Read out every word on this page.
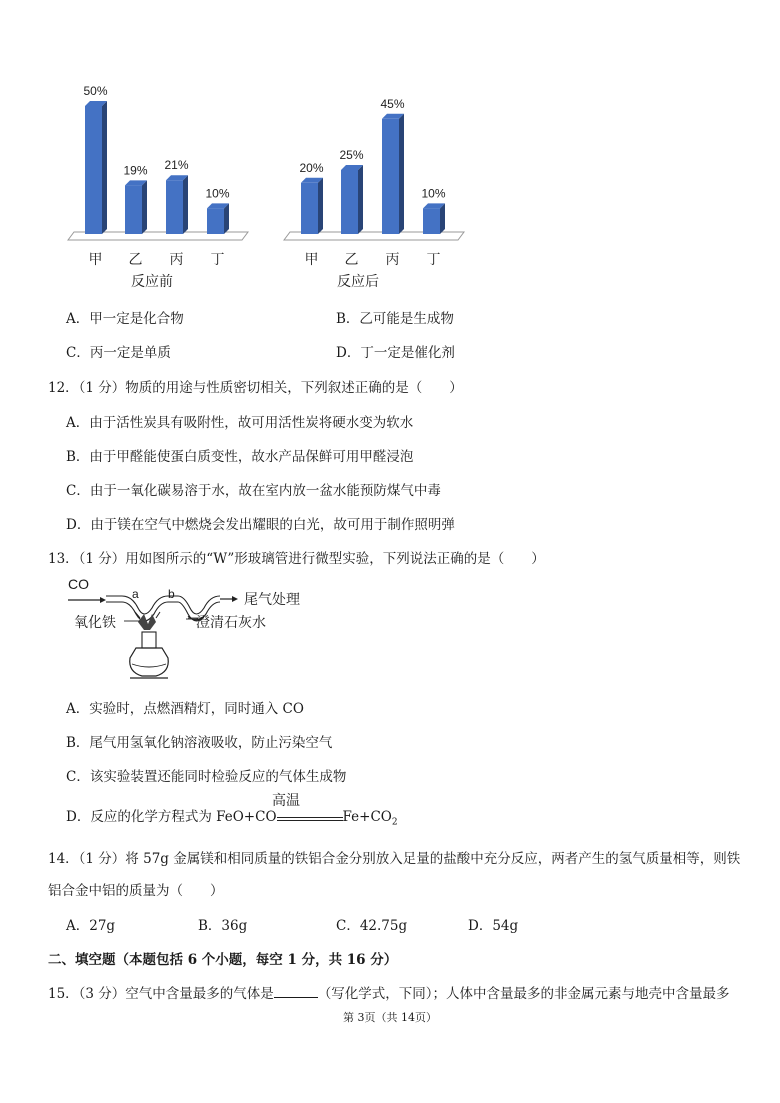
50%
甲
19%
乙
21%
丙
10%
丁
反应前
20%
甲
25%
乙
45%
丙
10%
丁
反应后
A．甲一定是化合物	B．乙可能是生成物
C．丙一定是单质	D．丁一定是催化剂
12．（1 分）物质的用途与性质密切相关，下列叙述正确的是（　　）
A．由于活性炭具有吸附性，故可用活性炭将硬水变为软水
B．由于甲醛能使蛋白质变性，故水产品保鲜可用甲醛浸泡
C．由于一氧化碳易溶于水，故在室内放一盆水能预防煤气中毒
D．由于镁在空气中燃烧会发出耀眼的白光，故可用于制作照明弹
13．（1 分）用如图所示的“W”形玻璃管进行微型实验，下列说法正确的是（　　）
CO
a b	尾气处理
氧化铁	澄清石灰水
A．实验时，点燃酒精灯，同时通入 CO
B．尾气用氢氧化钠溶液吸收，防止污染空气
C．该实验装置还能同时检验反应的气体生成物
D．反应的化学方程式为 FeO+CO	$Fe+CO_2$
高温
14．（1 分）将 57g 金属镁和相同质量的铁铝合金分别放入足量的盐酸中充分反应，两者产生的氢气质量相等，则铁
铝合金中铝的质量为（　　）
A．27g	B．36g	C．42.75g	D．54g
二、填空题（本题包括 6 个小题，每空 1 分，共 16 分）
15．（3 分）空气中含量最多的气体是	（写化学式，下同）；人体中含量最多的非金属元素与地壳中含量最多
第 3页（共 14页）
